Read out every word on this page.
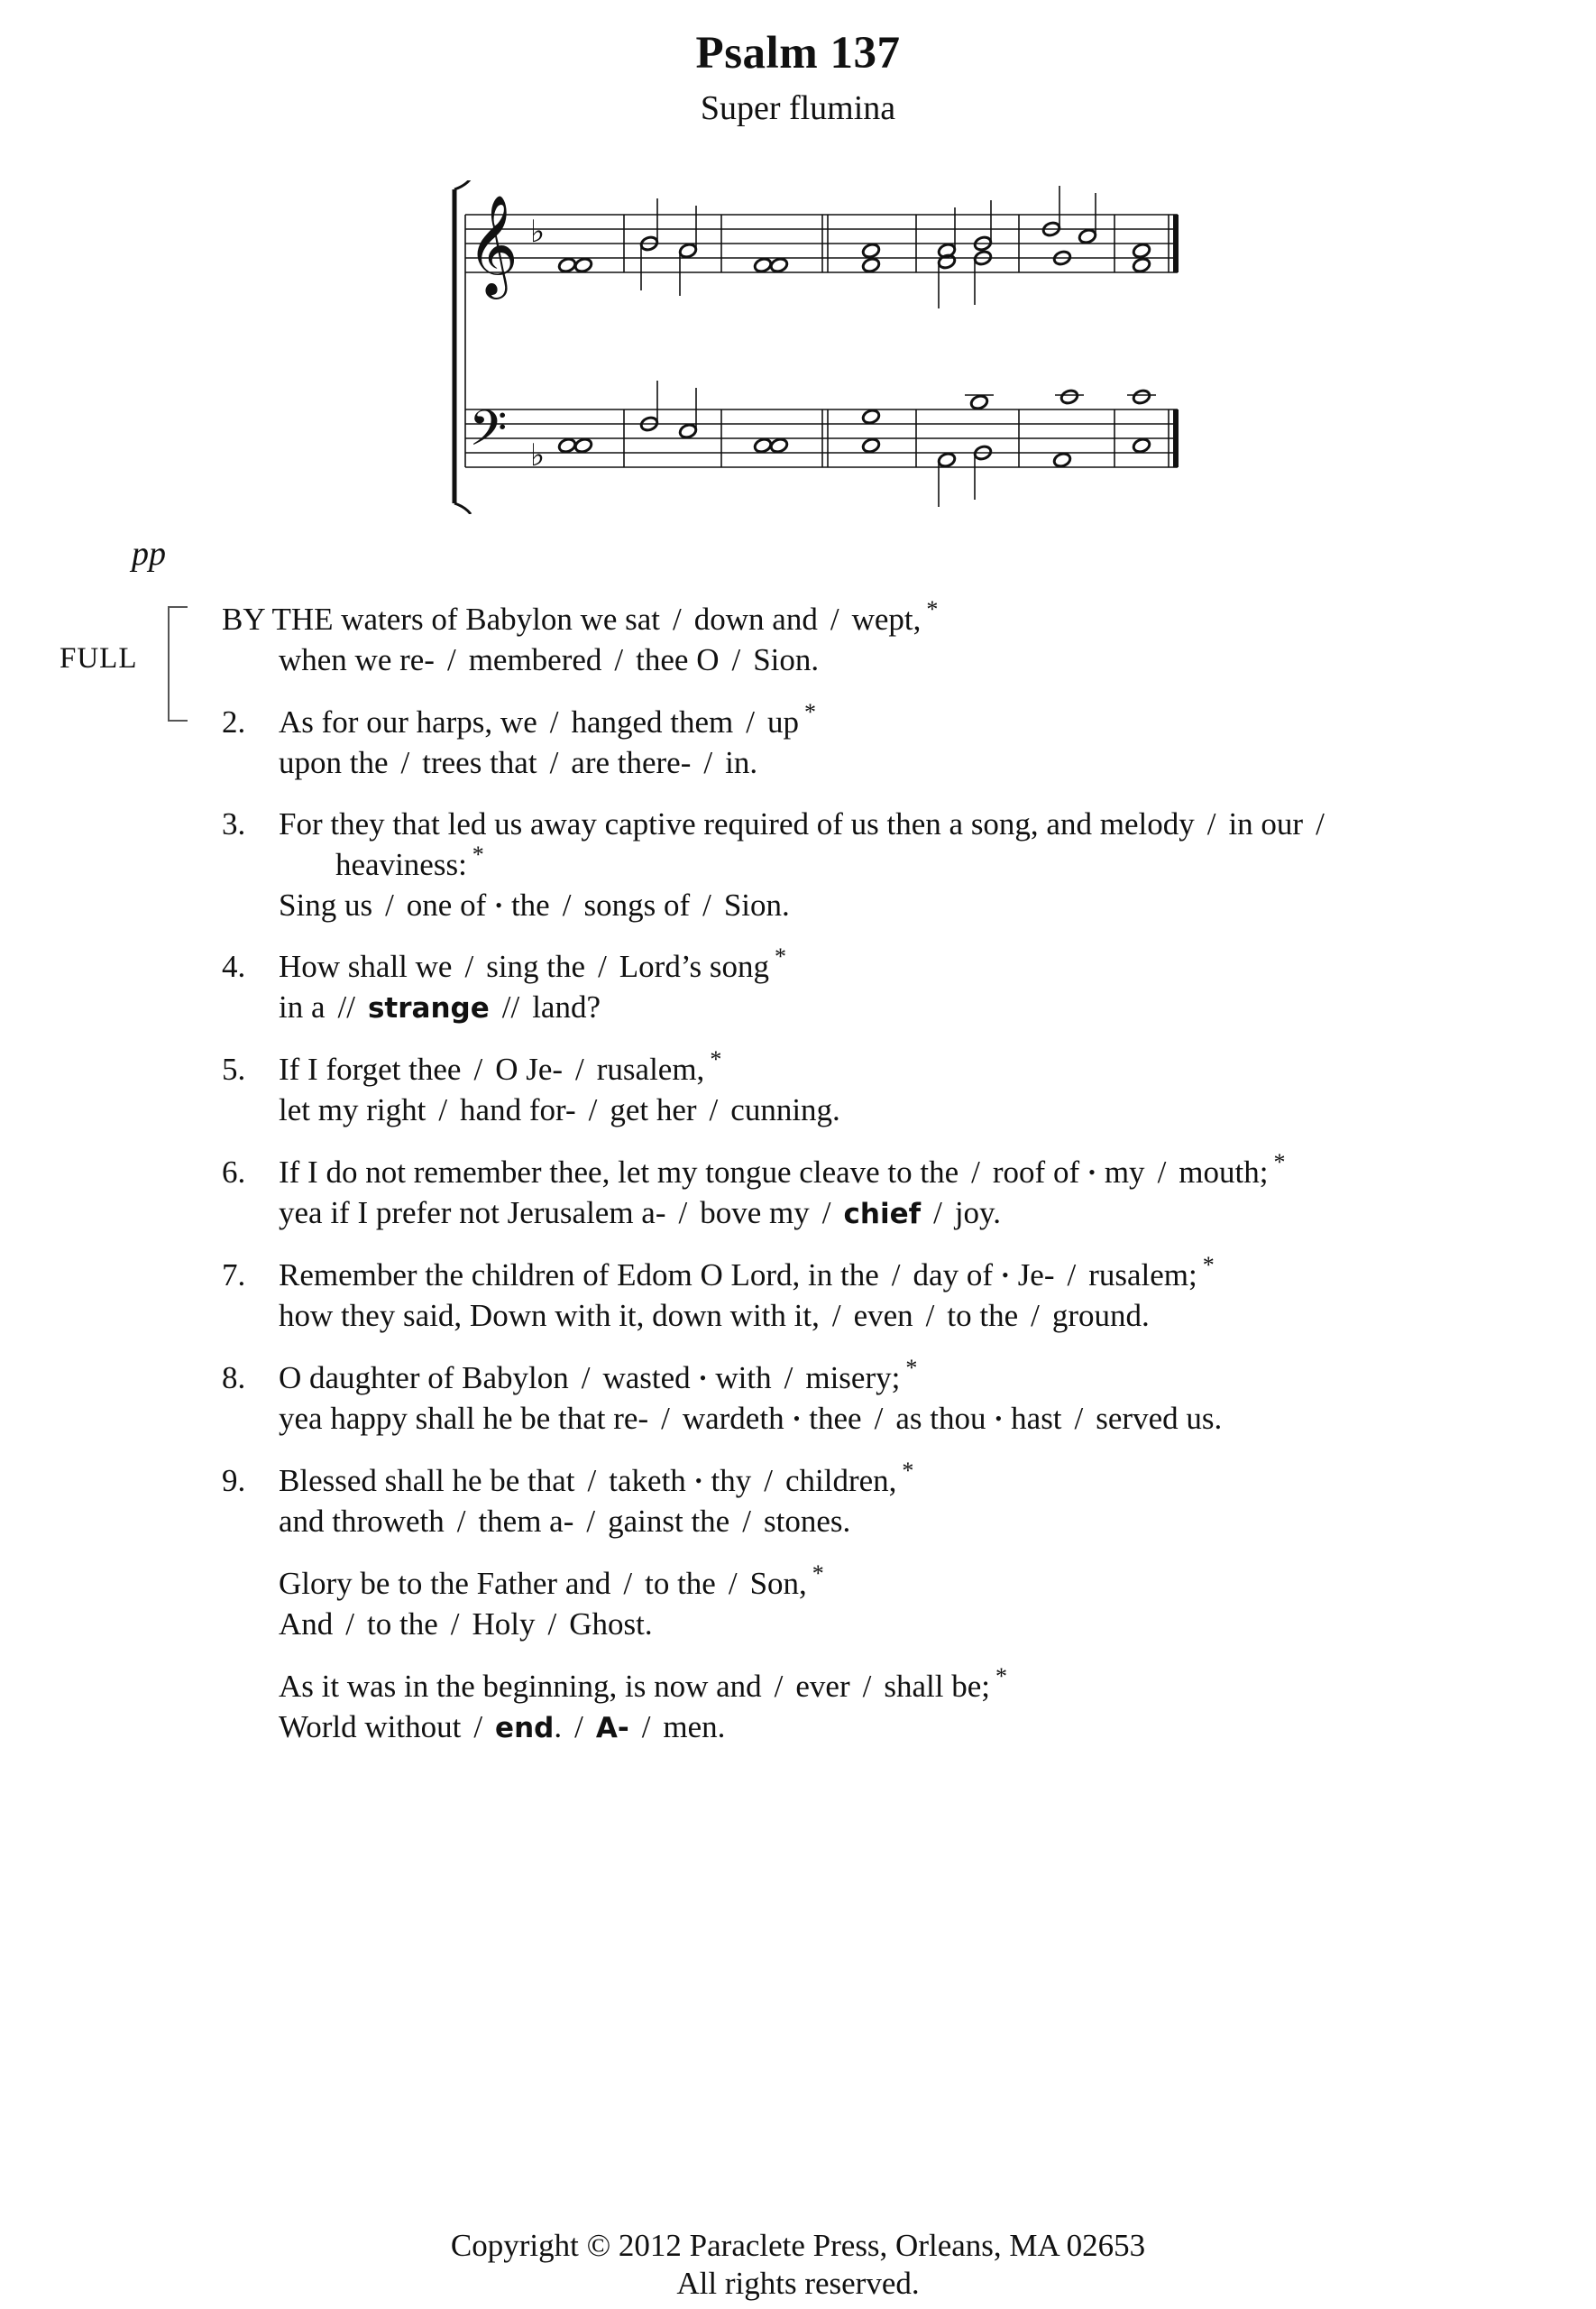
Psalm 137
Super flumina
𝄞
𝄢
♭
♭
pp
FULL
BY THE waters of Babylon we sat / down and / wept, *
when we re- / membered / thee O / Sion.
2. As for our harps, we / hanged them / up *
upon the / trees that / are there- / in.
3. For they that led us away captive required of us then a song, and melody / in our /
heaviness: *
Sing us / one of • the / songs of / Sion.
4. How shall we / sing the / Lord’s song *
in a // strange // land?
5. If I forget thee / O Je- / rusalem, *
let my right / hand for- / get her / cunning.
6. If I do not remember thee, let my tongue cleave to the / roof of • my / mouth; *
yea if I prefer not Jerusalem a- / bove my / chief / joy.
7. Remember the children of Edom O Lord, in the / day of • Je- / rusalem; *
how they said, Down with it, down with it, / even / to the / ground.
8. O daughter of Babylon / wasted • with / misery; *
yea happy shall he be that re- / wardeth • thee / as thou • hast / served us.
9. Blessed shall he be that / taketh • thy / children, *
and throweth / them a- / gainst the / stones.
Glory be to the Father and / to the / Son, *
And / to the / Holy / Ghost.
As it was in the beginning, is now and / ever / shall be; *
World without / end. / A- / men.
Copyright © 2012 Paraclete Press, Orleans, MA 02653
All rights reserved.
